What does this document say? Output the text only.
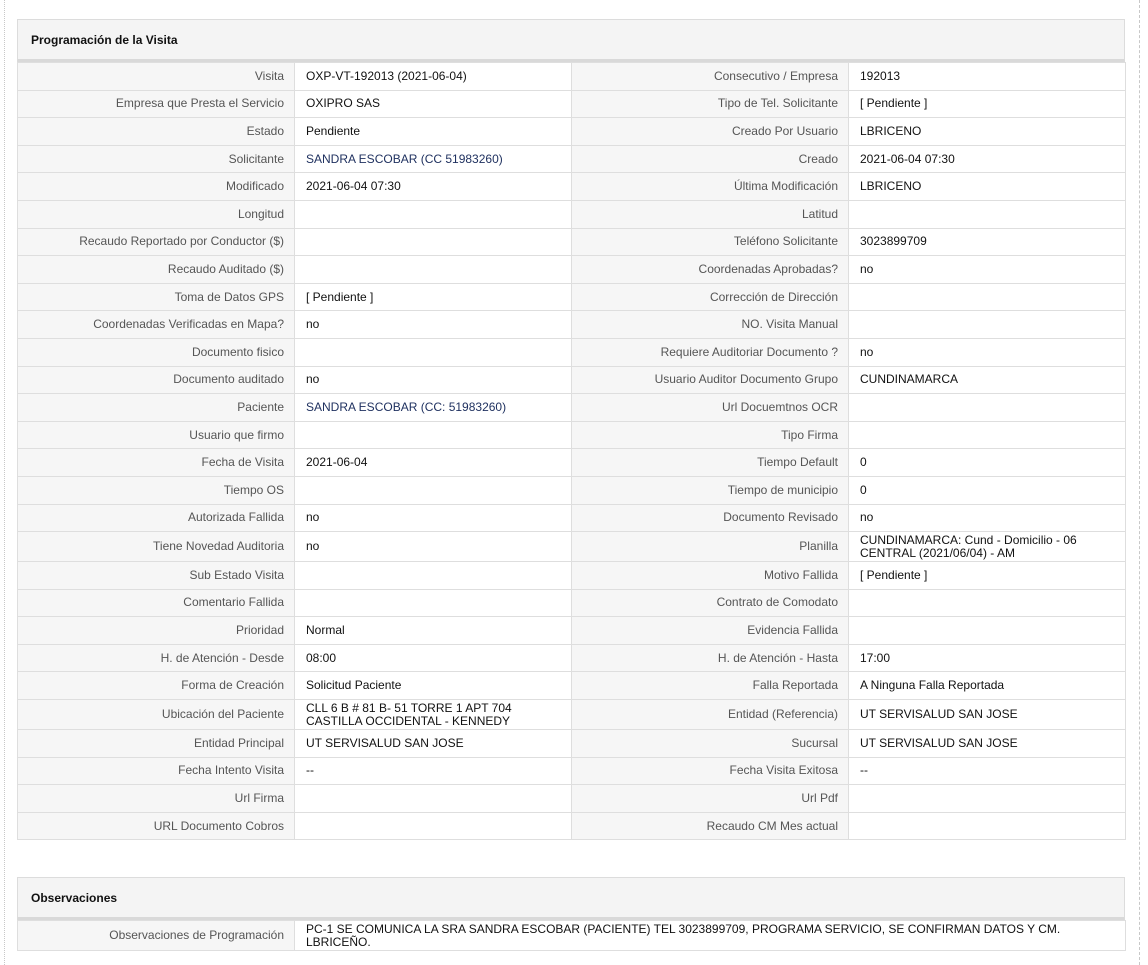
Programación de la Visita
Visita	OXP-VT-192013 (2021-06-04)	Consecutivo / Empresa	192013
Empresa que Presta el Servicio	OXIPRO SAS	Tipo de Tel. Solicitante	[ Pendiente ]
Estado	Pendiente	Creado Por Usuario	LBRICENO
Solicitante	SANDRA ESCOBAR (CC 51983260)	Creado	2021-06-04 07:30
Modificado	2021-06-04 07:30	Última Modificación	LBRICENO
Longitud		Latitud	
Recaudo Reportado por Conductor ($)		Teléfono Solicitante	3023899709
Recaudo Auditado ($)		Coordenadas Aprobadas?	no
Toma de Datos GPS	[ Pendiente ]	Corrección de Dirección	
Coordenadas Verificadas en Mapa?	no	NO. Visita Manual	
Documento fisico		Requiere Auditoriar Documento ?	no
Documento auditado	no	Usuario Auditor Documento Grupo	CUNDINAMARCA
Paciente	SANDRA ESCOBAR (CC: 51983260)	Url Docuemtnos OCR	
Usuario que firmo		Tipo Firma	
Fecha de Visita	2021-06-04	Tiempo Default	0
Tiempo OS		Tiempo de municipio	0
Autorizada Fallida	no	Documento Revisado	no
Tiene Novedad Auditoria	no	Planilla	CUNDINAMARCA: Cund - Domicilio - 06 CENTRAL (2021/06/04) - AM
Sub Estado Visita		Motivo Fallida	[ Pendiente ]
Comentario Fallida		Contrato de Comodato	
Prioridad	Normal	Evidencia Fallida	
H. de Atención - Desde	08:00	H. de Atención - Hasta	17:00
Forma de Creación	Solicitud Paciente	Falla Reportada	A Ninguna Falla Reportada
Ubicación del Paciente	CLL 6 B # 81 B- 51 TORRE 1 APT 704 CASTILLA OCCIDENTAL - KENNEDY	Entidad (Referencia)	UT SERVISALUD SAN JOSE
Entidad Principal	UT SERVISALUD SAN JOSE	Sucursal	UT SERVISALUD SAN JOSE
Fecha Intento Visita	--	Fecha Visita Exitosa	--
Url Firma		Url Pdf	
URL Documento Cobros		Recaudo CM Mes actual	
Observaciones
Observaciones de Programación	PC-1 SE COMUNICA LA SRA SANDRA ESCOBAR (PACIENTE) TEL 3023899709, PROGRAMA SERVICIO, SE CONFIRMAN DATOS Y CM. LBRICEÑO.
